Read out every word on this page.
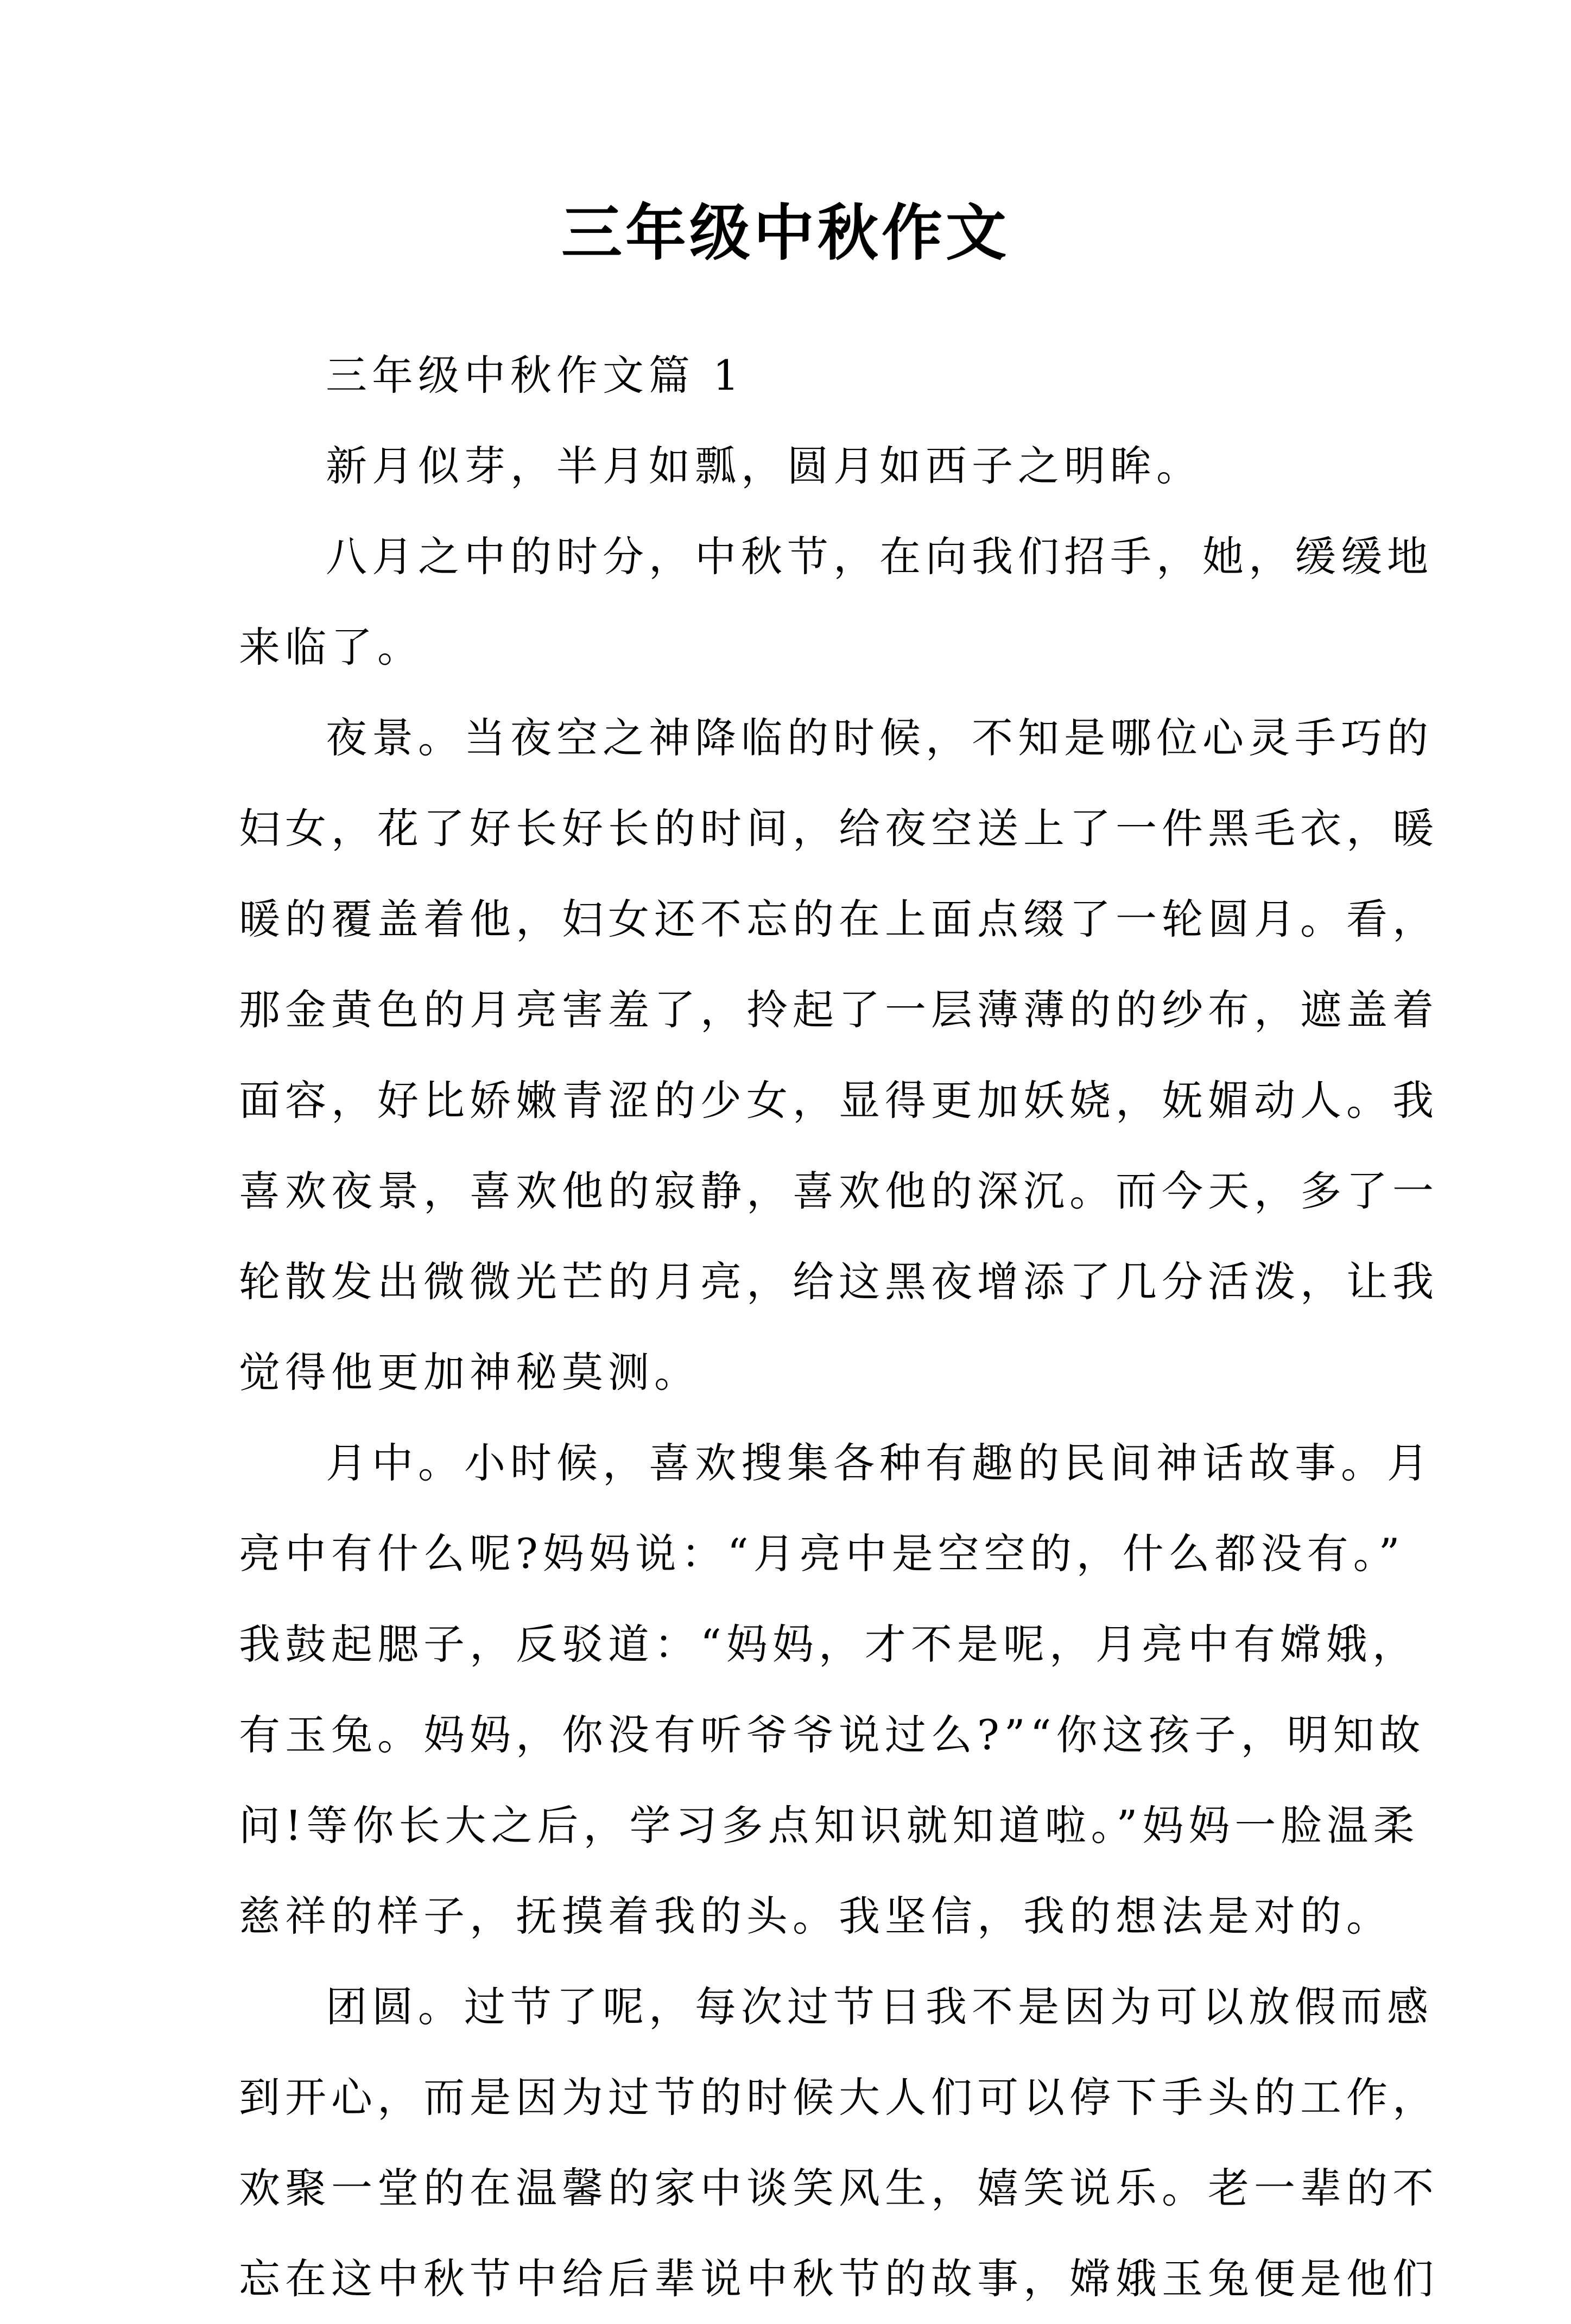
三年级中秋作文
三年级中秋作文篇 1
新月似芽，半月如瓢，圆月如西子之明眸。
八月之中的时分，中秋节，在向我们招手，她，缓缓地
来临了。
夜景。当夜空之神降临的时候，不知是哪位心灵手巧的
妇女，花了好长好长的时间，给夜空送上了一件黑毛衣，暖
暖的覆盖着他，妇女还不忘的在上面点缀了一轮圆月。看，
那金黄色的月亮害羞了，拎起了一层薄薄的的纱布，遮盖着
面容，好比娇嫩青涩的少女，显得更加妖娆，妩媚动人。我
喜欢夜景，喜欢他的寂静，喜欢他的深沉。而今天，多了一
轮散发出微微光芒的月亮，给这黑夜增添了几分活泼，让我
觉得他更加神秘莫测。
月中。小时候，喜欢搜集各种有趣的民间神话故事。月
亮中有什么呢?妈妈说：“月亮中是空空的，什么都没有。”
我鼓起腮子，反驳道：“妈妈，才不是呢，月亮中有嫦娥，
有玉兔。妈妈，你没有听爷爷说过么?”“你这孩子，明知故
问!等你长大之后，学习多点知识就知道啦。”妈妈一脸温柔
慈祥的样子，抚摸着我的头。我坚信，我的想法是对的。
团圆。过节了呢，每次过节日我不是因为可以放假而感
到开心，而是因为过节的时候大人们可以停下手头的工作，
欢聚一堂的在温馨的家中谈笑风生，嬉笑说乐。老一辈的不
忘在这中秋节中给后辈说中秋节的故事，嫦娥玉兔便是他们
